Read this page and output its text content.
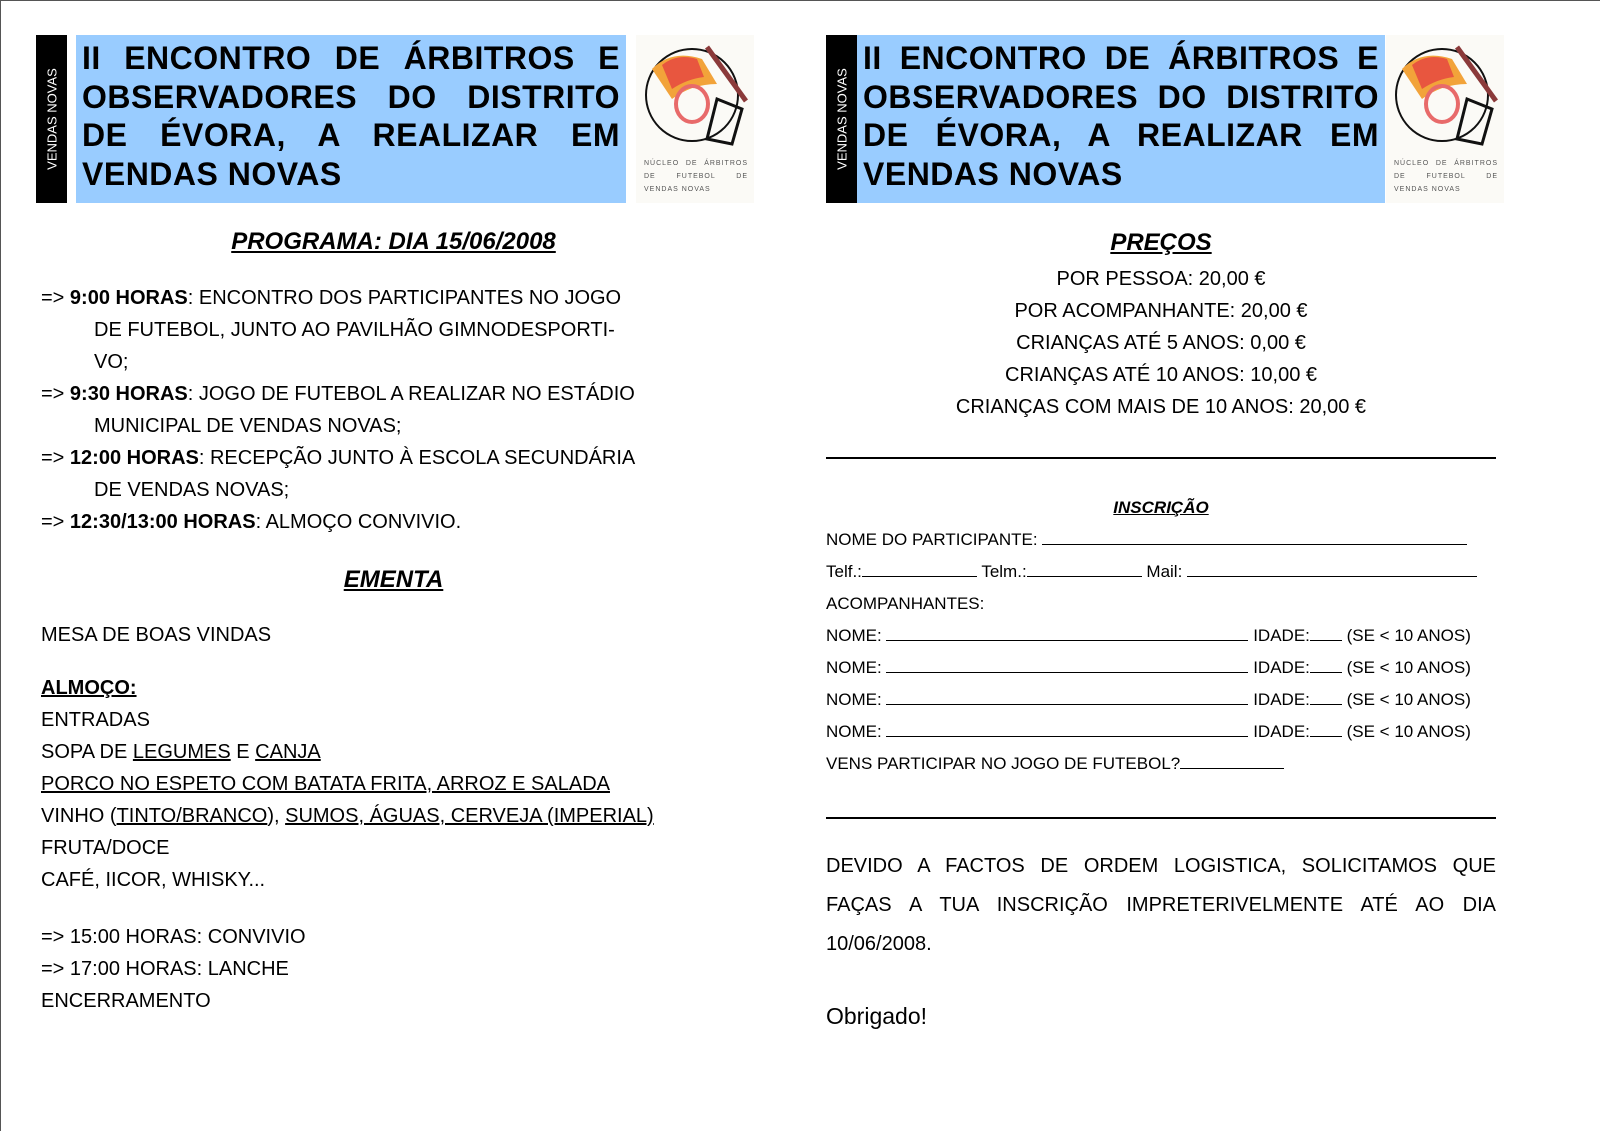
VENDAS NOVAS
II ENCONTRO DE ÁRBITROS E OBSERVADORES DO DISTRITO DE ÉVORA, A REALIZAR EM VENDAS NOVAS	NÚCLEO DE ÁRBITROS DE FUTEBOL DE VENDAS NOVAS
PROGRAMA: DIA 15/06/2008
=> 9:00 HORAS: ENCONTRO DOS PARTICIPANTES NO JOGO
DE FUTEBOL, JUNTO AO PAVILHÃO GIMNODESPORTI-
VO;
=> 9:30 HORAS: JOGO DE FUTEBOL A REALIZAR NO ESTÁDIO
MUNICIPAL DE VENDAS NOVAS;
=> 12:00 HORAS: RECEPÇÃO JUNTO À ESCOLA SECUNDÁRIA
DE VENDAS NOVAS;
=> 12:30/13:00 HORAS: ALMOÇO CONVIVIO.
EMENTA
MESA DE BOAS VINDAS
ALMOÇO:
ENTRADAS
SOPA DE LEGUMES E CANJA
PORCO NO ESPETO COM BATATA FRITA, ARROZ E SALADA
VINHO (TINTO/BRANCO), SUMOS, ÁGUAS, CERVEJA (IMPERIAL)
FRUTA/DOCE
CAFÉ, IICOR, WHISKY...
=> 15:00 HORAS: CONVIVIO
=> 17:00 HORAS: LANCHE
ENCERRAMENTO
VENDAS NOVAS
II ENCONTRO DE ÁRBITROS E OBSERVADORES DO DISTRITO DE ÉVORA, A REALIZAR EM VENDAS NOVAS	NÚCLEO DE ÁRBITROS DE FUTEBOL DE VENDAS NOVAS
PREÇOS
POR PESSOA: 20,00 €
POR ACOMPANHANTE: 20,00 €
CRIANÇAS ATÉ 5 ANOS: 0,00 €
CRIANÇAS ATÉ 10 ANOS: 10,00 €
CRIANÇAS COM MAIS DE 10 ANOS: 20,00 €
INSCRIÇÃO
NOME DO PARTICIPANTE:
Telf.:	Telm.:	Mail:
ACOMPANHANTES:
NOME:	IDADE: (SE < 10 ANOS)
NOME:	IDADE: (SE < 10 ANOS)
NOME:	IDADE: (SE < 10 ANOS)
NOME:	IDADE: (SE < 10 ANOS)
VENS PARTICIPAR NO JOGO DE FUTEBOL?
DEVIDO A FACTOS DE ORDEM LOGISTICA, SOLICITAMOS QUE FAÇAS A TUA INSCRIÇÃO IMPRETERIVELMENTE ATÉ AO DIA 10/06/2008.
Obrigado!
